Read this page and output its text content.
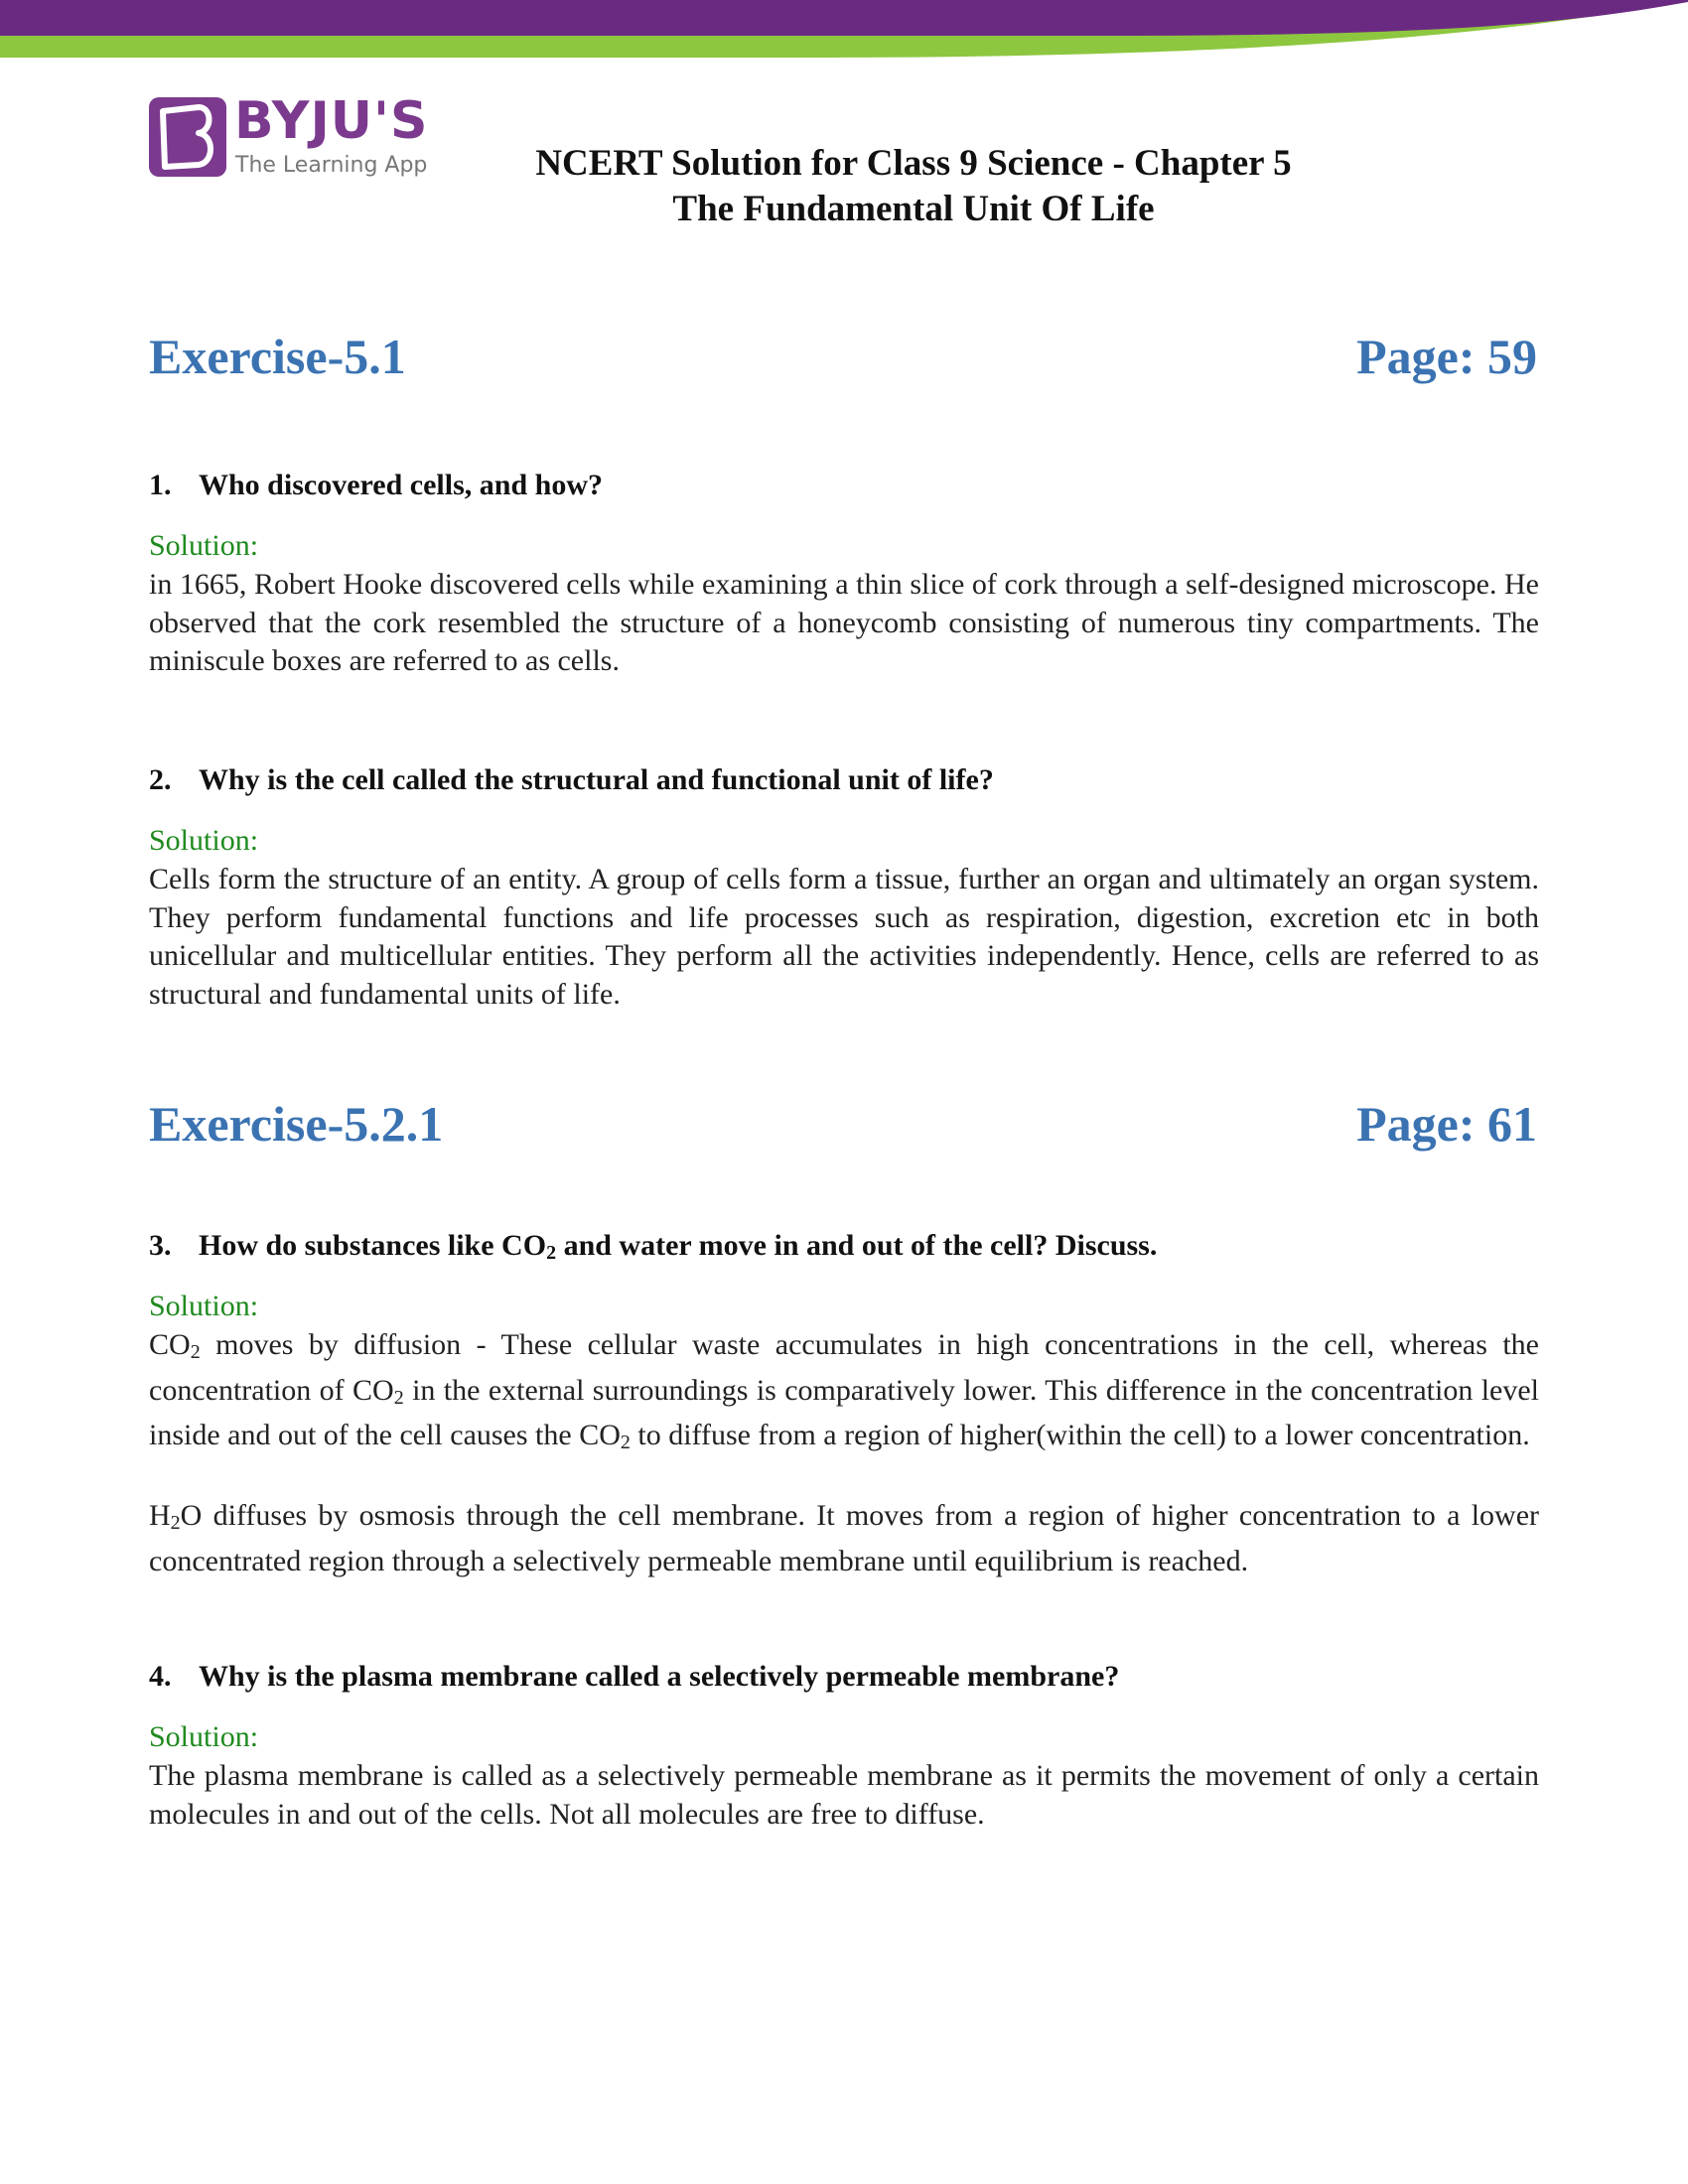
BYJU'S
The Learning App	NCERT Solution for Class 9 Science - Chapter 5
The Fundamental Unit Of Life
Exercise-5.1	Page: 59
1. Who discovered cells, and how?
Solution:
in 1665, Robert Hooke discovered cells while examining a thin slice of cork through a self-designed microscope. He observed that the cork resembled the structure of a honeycomb consisting of numerous tiny compartments. The miniscule boxes are referred to as cells.
2. Why is the cell called the structural and functional unit of life?
Solution:
Cells form the structure of an entity. A group of cells form a tissue, further an organ and ultimately an organ system. They perform fundamental functions and life processes such as respiration, digestion, excretion etc in both unicellular and multicellular entities. They perform all the activities independently. Hence, cells are referred to as structural and fundamental units of life.
Exercise-5.2.1	Page: 61
3. How do substances like $CO_2$ and water move in and out of the cell? Discuss.
Solution:
$CO_2$ moves by diffusion - These cellular waste accumulates in high concentrations in the cell, whereas the concentration of $CO_2$ in the external surroundings is comparatively lower. This difference in the concentration level inside and out of the cell causes the $CO_2$ to diffuse from a region of higher(within the cell) to a lower concentration.
$H_2O$ diffuses by osmosis through the cell membrane. It moves from a region of higher concentration to a lower concentrated region through a selectively permeable membrane until equilibrium is reached.
4. Why is the plasma membrane called a selectively permeable membrane?
Solution:
The plasma membrane is called as a selectively permeable membrane as it permits the movement of only a certain molecules in and out of the cells. Not all molecules are free to diffuse.
